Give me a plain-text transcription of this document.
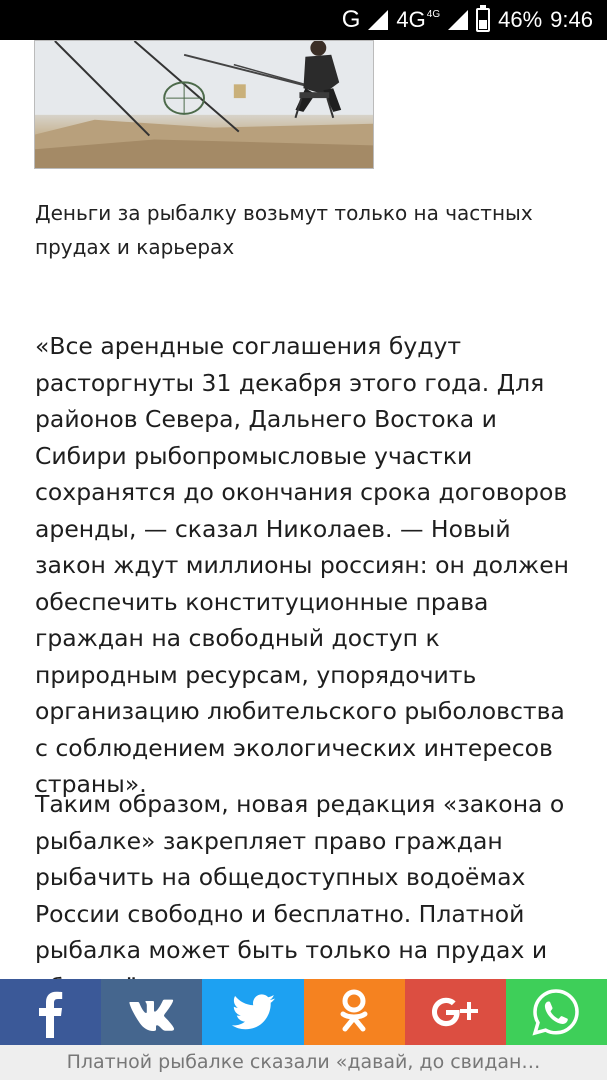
G $4G^{4G}$	46% 9:46
Деньги за рыбалку возьмут только на частных прудах и карьерах

«Все арендные соглашения будут расторгнуты 31 декабря этого года. Для районов Севера, Дальнего Востока и Сибири рыбопромысловые участки сохранятся до окончания срока договоров аренды, — сказал Николаев. — Новый закон ждут миллионы россиян: он должен обеспечить конституционные права граждан на свободный доступ к природным ресурсам, упорядочить организацию любительского рыболовства с соблюдением экологических интересов страны».

Таким образом, новая редакция «закона о рыбалке» закрепляет право граждан рыбачить на общедоступных водоёмах России свободно и бесплатно. Платной рыбалка может быть только на прудах и

Платной рыбалке сказали «давай, до свидан…
